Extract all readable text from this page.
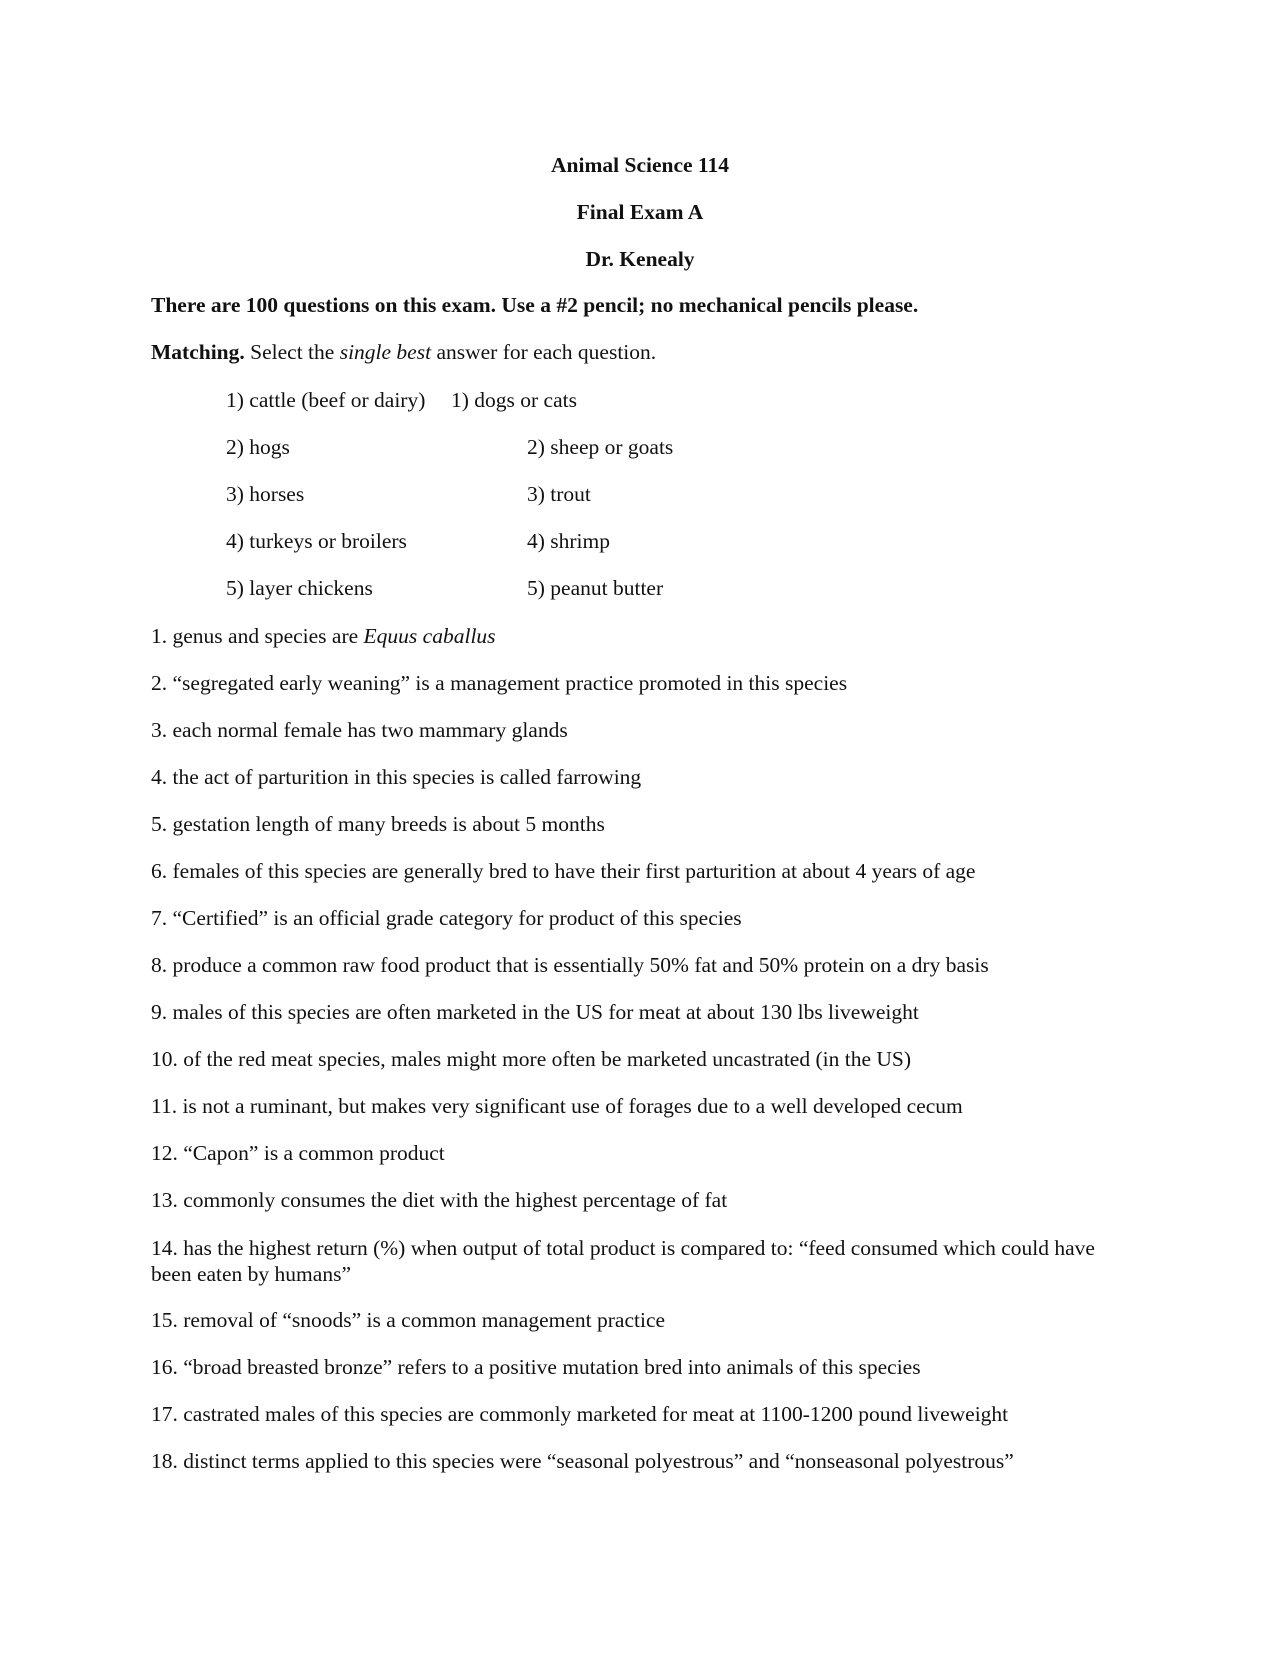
Animal Science 114
Final Exam A
Dr. Kenealy
There are 100 questions on this exam. Use a #2 pencil; no mechanical pencils please.
Matching. Select the single best answer for each question.
1) cattle (beef or dairy)
2) hogs
3) horses
4) turkeys or broilers
5) layer chickens
1) dogs or cats
2) sheep or goats
3) trout
4) shrimp
5) peanut butter
1. genus and species are Equus caballus
2. “segregated early weaning” is a management practice promoted in this species
3. each normal female has two mammary glands
4. the act of parturition in this species is called farrowing
5. gestation length of many breeds is about 5 months
6. females of this species are generally bred to have their first parturition at about 4 years of age
7. “Certified” is an official grade category for product of this species
8. produce a common raw food product that is essentially 50% fat and 50% protein on a dry basis
9. males of this species are often marketed in the US for meat at about 130 lbs liveweight
10. of the red meat species, males might more often be marketed uncastrated (in the US)
11. is not a ruminant, but makes very significant use of forages due to a well developed cecum
12. “Capon” is a common product
13. commonly consumes the diet with the highest percentage of fat
14. has the highest return (%) when output of total product is compared to: “feed consumed which could have been eaten by humans”
15. removal of “snoods” is a common management practice
16. “broad breasted bronze” refers to a positive mutation bred into animals of this species
17. castrated males of this species are commonly marketed for meat at 1100-1200 pound liveweight
18. distinct terms applied to this species were “seasonal polyestrous” and “nonseasonal polyestrous”
